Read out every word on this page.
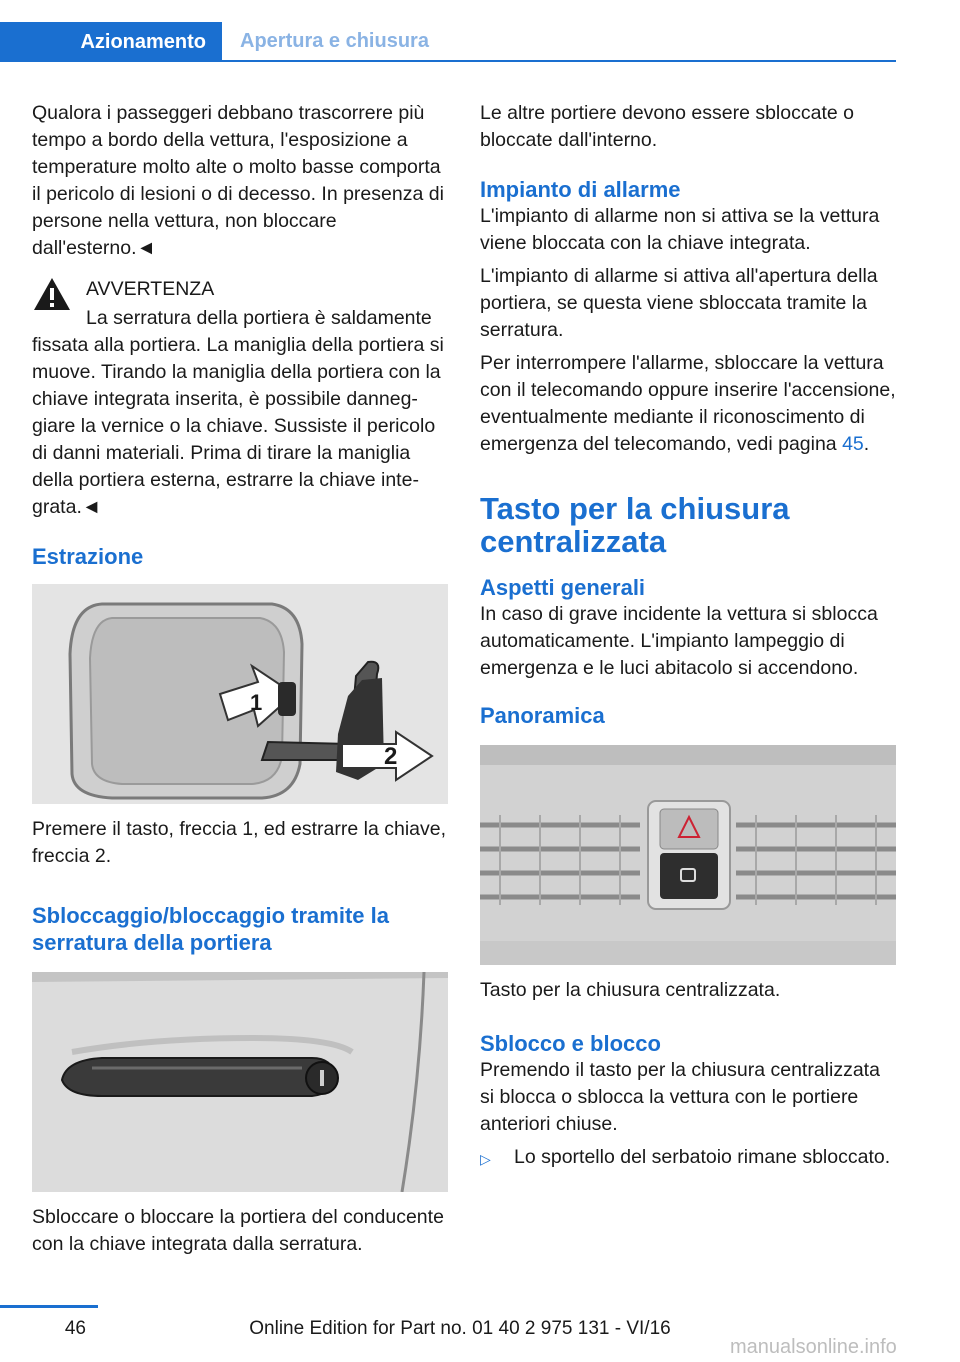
Azionamento	Apertura e chiusura

Qualora i passeggeri debbano trascorrere più tempo a bordo della vettura, l'esposizione a temperature molto alte o molto basse comporta il pericolo di lesioni o di decesso. In presenza di persone nella vettura, non bloccare dall'esterno.◄

AVVERTENZA

La serratura della portiera è saldamente

fissata alla portiera. La maniglia della portiera si muove. Tirando la maniglia della portiera con la chiave integrata inserita, è possibile danneggiare la vernice o la chiave. Sussiste il pericolo di danni materiali. Prima di tirare la maniglia della portiera esterna, estrarre la chiave integrata.◄

Estrazione
1
2

Premere il tasto, freccia 1, ed estrarre la chiave, freccia 2.

Sbloccaggio/bloccaggio tramite la serratura della portiera

Sbloccare o bloccare la portiera del conducente con la chiave integrata dalla serratura.

Le altre portiere devono essere sbloccate o bloccate dall'interno.

Impianto di allarme

L'impianto di allarme non si attiva se la vettura viene bloccata con la chiave integrata.

L'impianto di allarme si attiva all'apertura della portiera, se questa viene sbloccata tramite la serratura.

Per interrompere l'allarme, sbloccare la vettura con il telecomando oppure inserire l'accensione, eventualmente mediante il riconoscimento di emergenza del telecomando, vedi pagina 45.

Tasto per la chiusura centralizzata
Aspetti generali

In caso di grave incidente la vettura si sblocca automaticamente. L'impianto lampeggio di emergenza e le luci abitacolo si accendono.

Panoramica

Tasto per la chiusura centralizzata.

Sblocco e blocco

Premendo il tasto per la chiusura centralizzata si blocca o sblocca la vettura con le portiere anteriori chiuse.

▷	Lo sportello del serbatoio rimane sbloccato.
46	Online Edition for Part no. 01 40 2 975 131 - VI/16
manualsonline.info
